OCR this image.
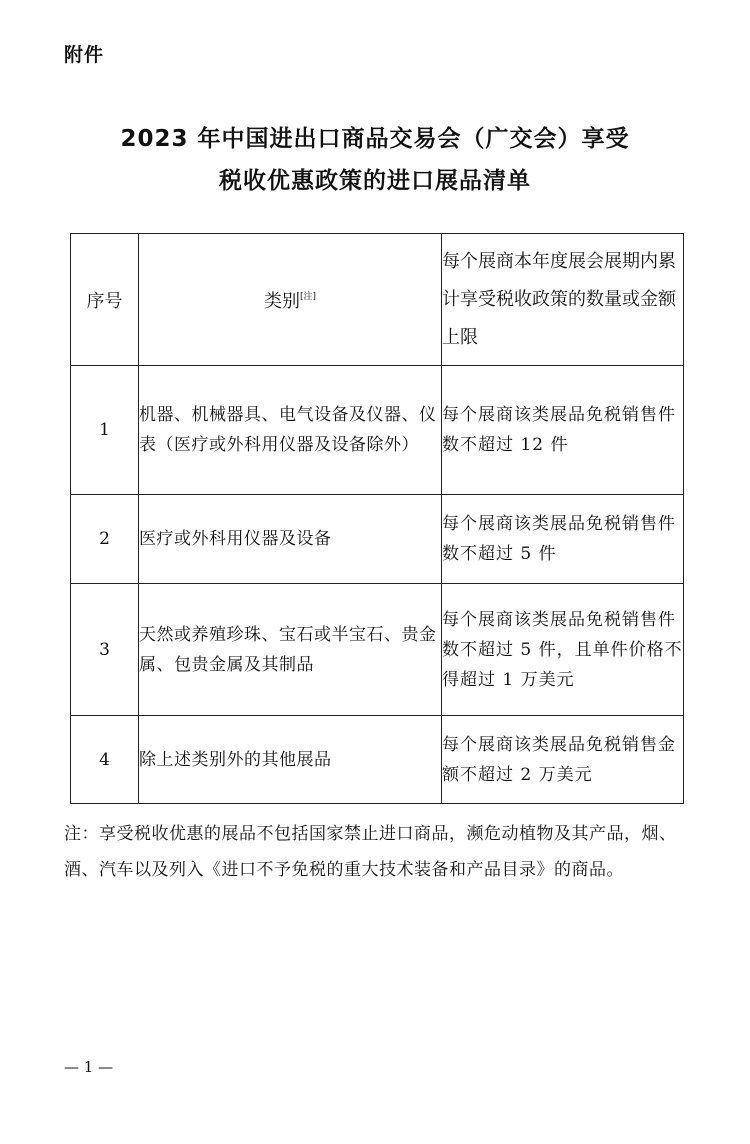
附件
2023 年中国进出口商品交易会（广交会）享受
税收优惠政策的进口展品清单
序号	类别[注]	每个展商本年度展会展期内累计享受税收政策的数量或金额上限
1	机器、机械器具、电气设备及仪器、仪表（医疗或外科用仪器及设备除外）	每个展商该类展品免税销售件数不超过 12 件
2	医疗或外科用仪器及设备	每个展商该类展品免税销售件数不超过 5 件
3	天然或养殖珍珠、宝石或半宝石、贵金属、包贵金属及其制品	每个展商该类展品免税销售件数不超过 5 件，且单件价格不得超过 1 万美元
4	除上述类别外的其他展品	每个展商该类展品免税销售金额不超过 2 万美元
注：享受税收优惠的展品不包括国家禁止进口商品，濒危动植物及其产品，烟、酒、汽车以及列入《进口不予免税的重大技术装备和产品目录》的商品。
— 1 —
